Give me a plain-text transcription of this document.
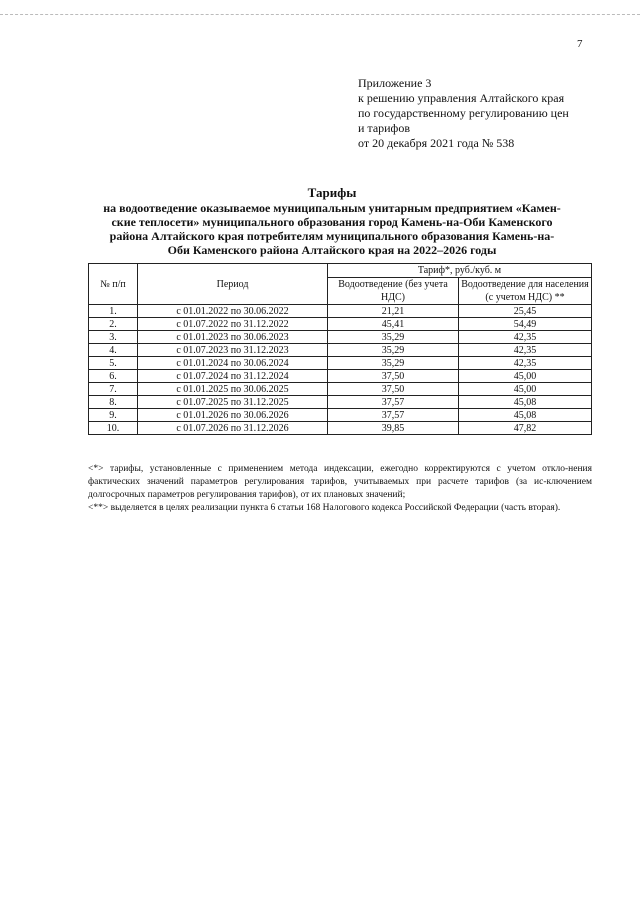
7
Приложение 3
к решению управления Алтайского края
по государственному регулированию цен
и тарифов
от 20 декабря 2021 года № 538
Тарифы
на водоотведение оказываемое муниципальным унитарным предприятием «Камен-
ские теплосети» муниципального образования город Камень-на-Оби Каменского
района Алтайского края потребителям муниципального образования Камень-на-
Оби Каменского района Алтайского края на 2022–2026 годы
№ п/п	Период	Тариф*, руб./куб. м	
		Водоотведение (без учета НДС)	Водоотведение для населения
(с учетом НДС) **
1.	с 01.01.2022 по 30.06.2022	21,21	25,45
2.	с 01.07.2022 по 31.12.2022	45,41	54,49
3.	с 01.01.2023 по 30.06.2023	35,29	42,35
4.	с 01.07.2023 по 31.12.2023	35,29	42,35
5.	с 01.01.2024 по 30.06.2024	35,29	42,35
6.	с 01.07.2024 по 31.12.2024	37,50	45,00
7.	с 01.01.2025 по 30.06.2025	37,50	45,00
8.	с 01.07.2025 по 31.12.2025	37,57	45,08
9.	с 01.01.2026 по 30.06.2026	37,57	45,08
10.	с 01.07.2026 по 31.12.2026	39,85	47,82

<*> тарифы, установленные с применением метода индексации, ежегодно корректируются с учетом откло-нения фактических значений параметров регулирования тарифов, учитываемых при расчете тарифов (за ис-ключением долгосрочных параметров регулирования тарифов), от их плановых значений;

<**> выделяется в целях реализации пункта 6 статьи 168 Налогового кодекса Российской Федерации (часть вторая).
